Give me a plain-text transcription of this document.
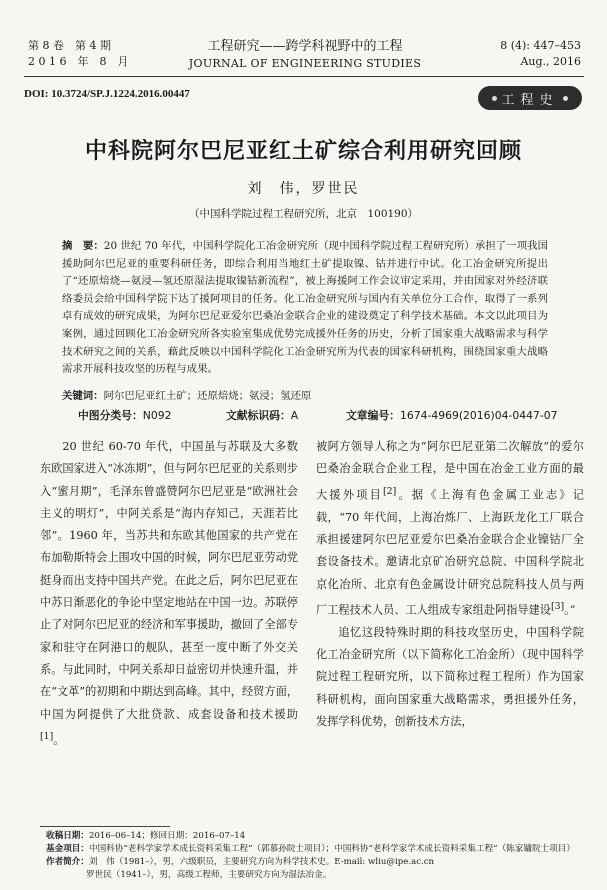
第 8 卷　第 4 期
2 0 1 6　年　8　月
工程研究——跨学科视野中的工程
JOURNAL OF ENGINEERING STUDIES
8 (4): 447–453
Aug., 2016
DOI: 10.3724/SP.J.1224.2016.00447	工程史
中科院阿尔巴尼亚红土矿综合利用研究回顾
刘　伟，罗世民
（中国科学院过程工程研究所，北京　100190）
摘　要：20 世纪 70 年代，中国科学院化工冶金研究所（现中国科学院过程工程研究所）承担了一项我国援助阿尔巴尼亚的重要科研任务，即综合利用当地红土矿提取镍、钴并进行中试。化工冶金研究所提出了“还原焙烧—氨浸—氢还原湿法提取镍钴新流程”，被上海援阿工作会议审定采用，并由国家对外经济联络委员会给中国科学院下达了援阿项目的任务。化工冶金研究所与国内有关单位分工合作，取得了一系列卓有成效的研究成果，为阿尔巴尼亚爱尔巴桑冶金联合企业的建设奠定了科学技术基础。本文以此项目为案例，通过回顾化工冶金研究所各实验室集成优势完成援外任务的历史，分析了国家重大战略需求与科学技术研究之间的关系，藉此反映以中国科学院化工冶金研究所为代表的国家科研机构，围绕国家重大战略需求开展科技攻坚的历程与成果。
关键词：阿尔巴尼亚红土矿；还原焙烧；氨浸；氢还原
中图分类号：N092	文献标识码：A	文章编号：1674-4969(2016)04-0447-07

20 世纪 60-70 年代，中国虽与苏联及大多数东欧国家进入“冰冻期”，但与阿尔巴尼亚的关系则步入“蜜月期”，毛泽东曾盛赞阿尔巴尼亚是“欧洲社会主义的明灯”，中阿关系是“海内存知己，天涯若比邻”。1960 年，当苏共和东欧其他国家的共产党在布加勒斯特会上围攻中国的时候，阿尔巴尼亚劳动党挺身而出支持中国共产党。在此之后，阿尔巴尼亚在中苏日渐恶化的争论中坚定地站在中国一边。苏联停止了对阿尔巴尼亚的经济和军事援助，撤回了全部专家和驻守在阿港口的舰队，甚至一度中断了外交关系。与此同时，中阿关系却日益密切并快速升温，并在“文革”的初期和中期达到高峰。其中，经贸方面，中国为阿提供了大批贷款、成套设备和技术援助[1]。

被阿方领导人称之为“阿尔巴尼亚第二次解放”的爱尔巴桑冶金联合企业工程，是中国在冶金工业方面的最大援外项目[2]。据《上海有色金属工业志》记载，“70 年代间，上海冶炼厂、上海跃龙化工厂联合承担援建阿尔巴尼亚爱尔巴桑冶金联合企业镍钴厂全套设备技术。邀请北京矿冶研究总院、中国科学院北京化冶所、北京有色金属设计研究总院科技人员与两厂工程技术人员、工人组成专家组赴阿指导建设[3]。”

追忆这段特殊时期的科技攻坚历史，中国科学院化工冶金研究所（以下简称化工冶金所）（现中国科学院过程工程研究所，以下简称过程工程所）作为国家科研机构，面向国家重大战略需求，勇担援外任务，发挥学科优势，创新技术方法，

收稿日期：2016–06–14；修回日期：2016–07–14
基金项目：中国科协“老科学家学术成长资料采集工程”（郭慕孙院士项目）；中国科协“老科学家学术成长资料采集工程”（陈家镛院士项目）
作者简介：刘　伟（1981–），男，六级职员，主要研究方向为科学技术史。E-mail: wliu@ipe.ac.cn
罗世民（1941–），男，高级工程师，主要研究方向为湿法冶金。
